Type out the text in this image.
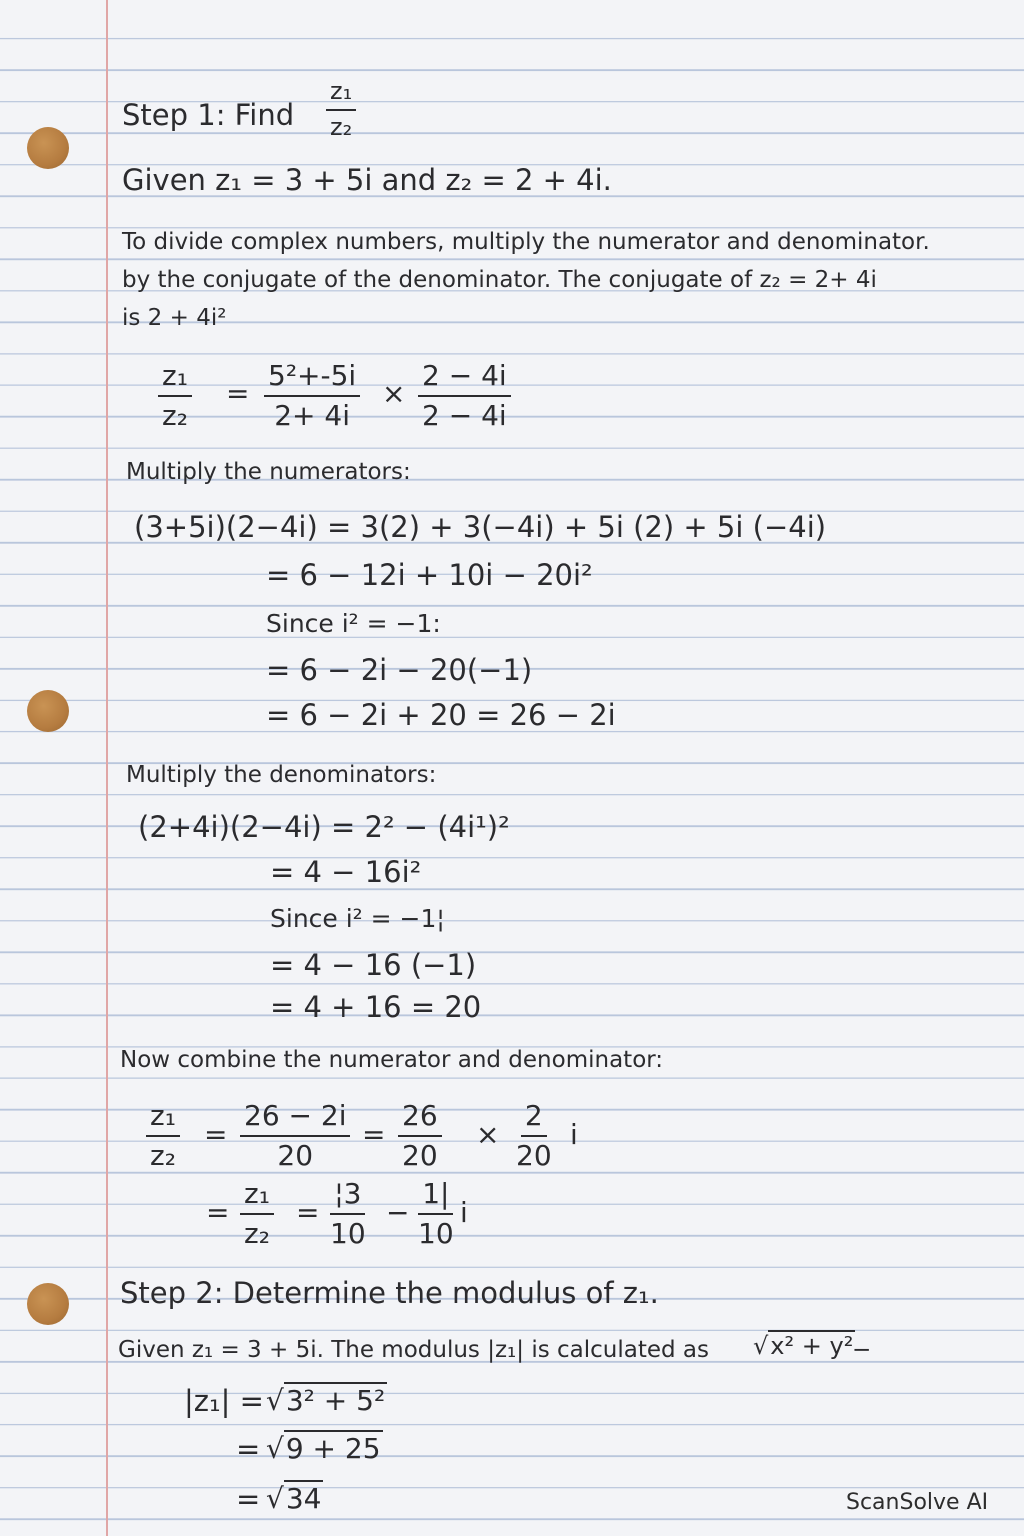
Step 1: Find $\frac{\text{z₁}}{\text{z₂}}$
Given z₁ = 3 + 5i and z₂ = 2 + 4i.
To divide complex numbers, multiply the numerator and denominator.
by the conjugate of the denominator. The conjugate of z₂ = 2+ 4i
is 2 + 4i²
$\frac{\text{z₁}}{\text{z₂}} = \frac{\text{5²+-5i}}{2+ 4i} \times \frac{2 - 4i}{2 - 4i}$
Multiply the numerators:
(3+5i)(2−4i) = 3(2) + 3(−4i) + 5i (2) + 5i (−4i)
= 6 − 12i + 10i − 20i²
Since i² = −1:
= 6 − 2i − 20(−1)
= 6 − 2i + 20 = 26 − 2i
Multiply the denominators:
(2+4i)(2−4i) = 2² − (4i¹)²
= 4 − 16i²
Since i² = −1¦
= 4 − 16 (−1)
= 4 + 16 = 20
Now combine the numerator and denominator:
$\frac{\text{z₁}}{\text{z₂}} = \frac{26 - 2i}{20} = \frac{26}{20} \times \frac{2}{20}$ i
= $\frac{\text{z₁}}{\text{z₂}} = \frac{¦3}{10} - \frac{1|}{10}$ i
Step 2: Determine the modulus of z₁.
Given z₁ = 3 + 5i. The modulus |z₁| is calculated as √x² + y²
−
|z₁| = √3² + 5²
= √9 + 25
= √34	ScanSolve AI
